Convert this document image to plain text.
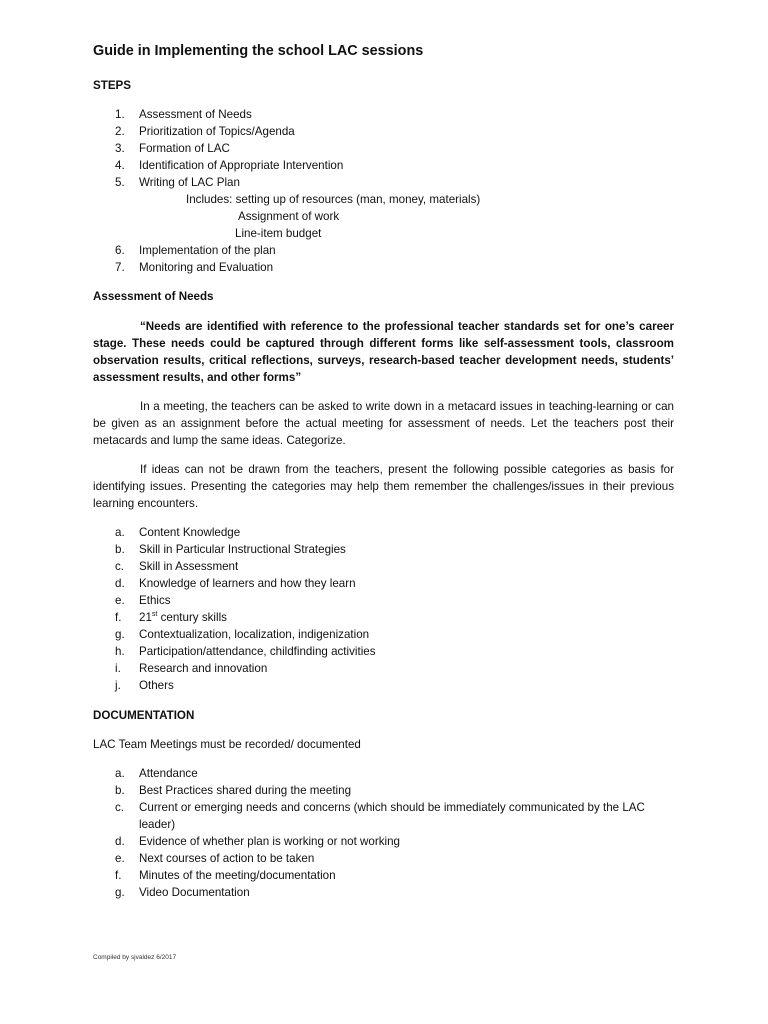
Guide in Implementing the school LAC sessions
STEPS
1.	Assessment of Needs
2.	Prioritization of Topics/Agenda
3.	Formation of LAC
4.	Identification of Appropriate Intervention
5.	Writing of LAC Plan
Includes: setting up of resources (man, money, materials)
Assignment of work
Line-item budget
6.	Implementation of the plan
7.	Monitoring and Evaluation
Assessment of Needs

“Needs are identified with reference to the professional teacher standards set for one’s career stage. These needs could be captured through different forms like self-assessment tools, classroom observation results, critical reflections, surveys, research-based teacher development needs, students’ assessment results, and other forms”

In a meeting, the teachers can be asked to write down in a metacard issues in teaching-learning or can be given as an assignment before the actual meeting for assessment of needs. Let the teachers post their metacards and lump the same ideas. Categorize.

If ideas can not be drawn from the teachers, present the following possible categories as basis for identifying issues. Presenting the categories may help them remember the challenges/issues in their previous learning encounters.

a.	Content Knowledge
b.	Skill in Particular Instructional Strategies
c.	Skill in Assessment
d.	Knowledge of learners and how they learn
e.	Ethics
f.	21st century skills
g.	Contextualization, localization, indigenization
h.	Participation/attendance, childfinding activities
i.	Research and innovation
j.	Others
DOCUMENTATION
LAC Team Meetings must be recorded/ documented
a.	Attendance
b.	Best Practices shared during the meeting
c.	Current or emerging needs and concerns (which should be immediately communicated by the LAC
leader)
d.	Evidence of whether plan is working or not working
e.	Next courses of action to be taken
f.	Minutes of the meeting/documentation
g.	Video Documentation
Compiled by sjvaldez 6/2017
